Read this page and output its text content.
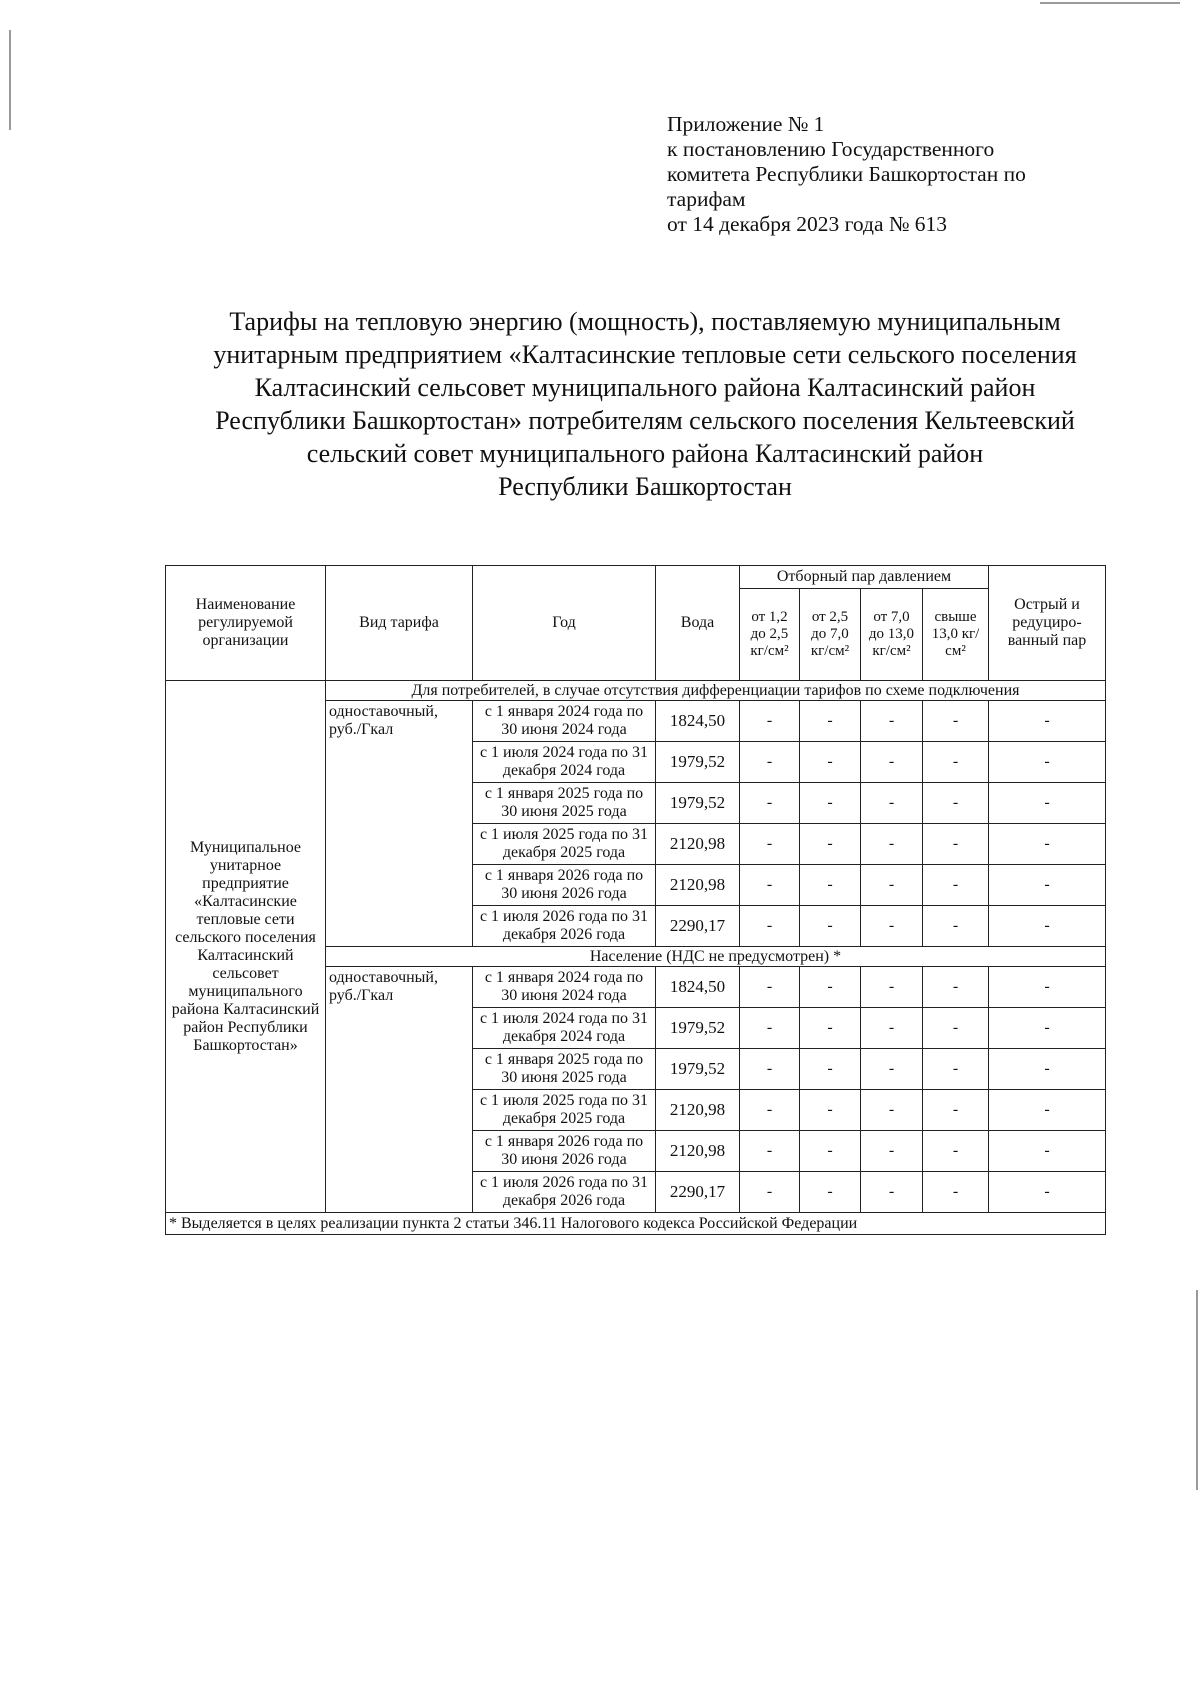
Приложение № 1
к постановлению Государственного
комитета Республики Башкортостан по
тарифам
от 14 декабря 2023 года № 613
Тарифы на тепловую энергию (мощность), поставляемую муниципальным
унитарным предприятием «Калтасинские тепловые сети сельского поселения
Калтасинский сельсовет муниципального района Калтасинский район
Республики Башкортостан» потребителям сельского поселения Кельтеевский
сельский совет муниципального района Калтасинский район
Республики Башкортостан
Наименование регулируемой организации	Вид тарифа	Год	Вода	Отборный пар давлением				Острый и редуциро-ванный пар
				от 1,2 до 2,5 кг/см²	от 2,5 до 7,0 кг/см²	от 7,0 до 13,0 кг/см²	свыше 13,0 кг/см²	
Муниципальное унитарное предприятие «Калтасинские тепловые сети сельского поселения Калтасинский сельсовет муниципального района Калтасинский район Республики Башкортостан»	Для потребителей, в случае отсутствия дифференциации тарифов по схеме подключения							
	одноставочный, руб./Гкал	с 1 января 2024 года по 30 июня 2024 года	1824,50	-	-	-	-	-
		с 1 июля 2024 года по 31 декабря 2024 года	1979,52	-	-	-	-	-
		с 1 января 2025 года по 30 июня 2025 года	1979,52	-	-	-	-	-
		с 1 июля 2025 года по 31 декабря 2025 года	2120,98	-	-	-	-	-
		с 1 января 2026 года по 30 июня 2026 года	2120,98	-	-	-	-	-
		с 1 июля 2026 года по 31 декабря 2026 года	2290,17	-	-	-	-	-
	Население (НДС не предусмотрен) *							
	одноставочный, руб./Гкал	с 1 января 2024 года по 30 июня 2024 года	1824,50	-	-	-	-	-
		с 1 июля 2024 года по 31 декабря 2024 года	1979,52	-	-	-	-	-
		с 1 января 2025 года по 30 июня 2025 года	1979,52	-	-	-	-	-
		с 1 июля 2025 года по 31 декабря 2025 года	2120,98	-	-	-	-	-
		с 1 января 2026 года по 30 июня 2026 года	2120,98	-	-	-	-	-
		с 1 июля 2026 года по 31 декабря 2026 года	2290,17	-	-	-	-	-
* Выделяется в целях реализации пункта 2 статьи 346.11 Налогового кодекса Российской Федерации								
